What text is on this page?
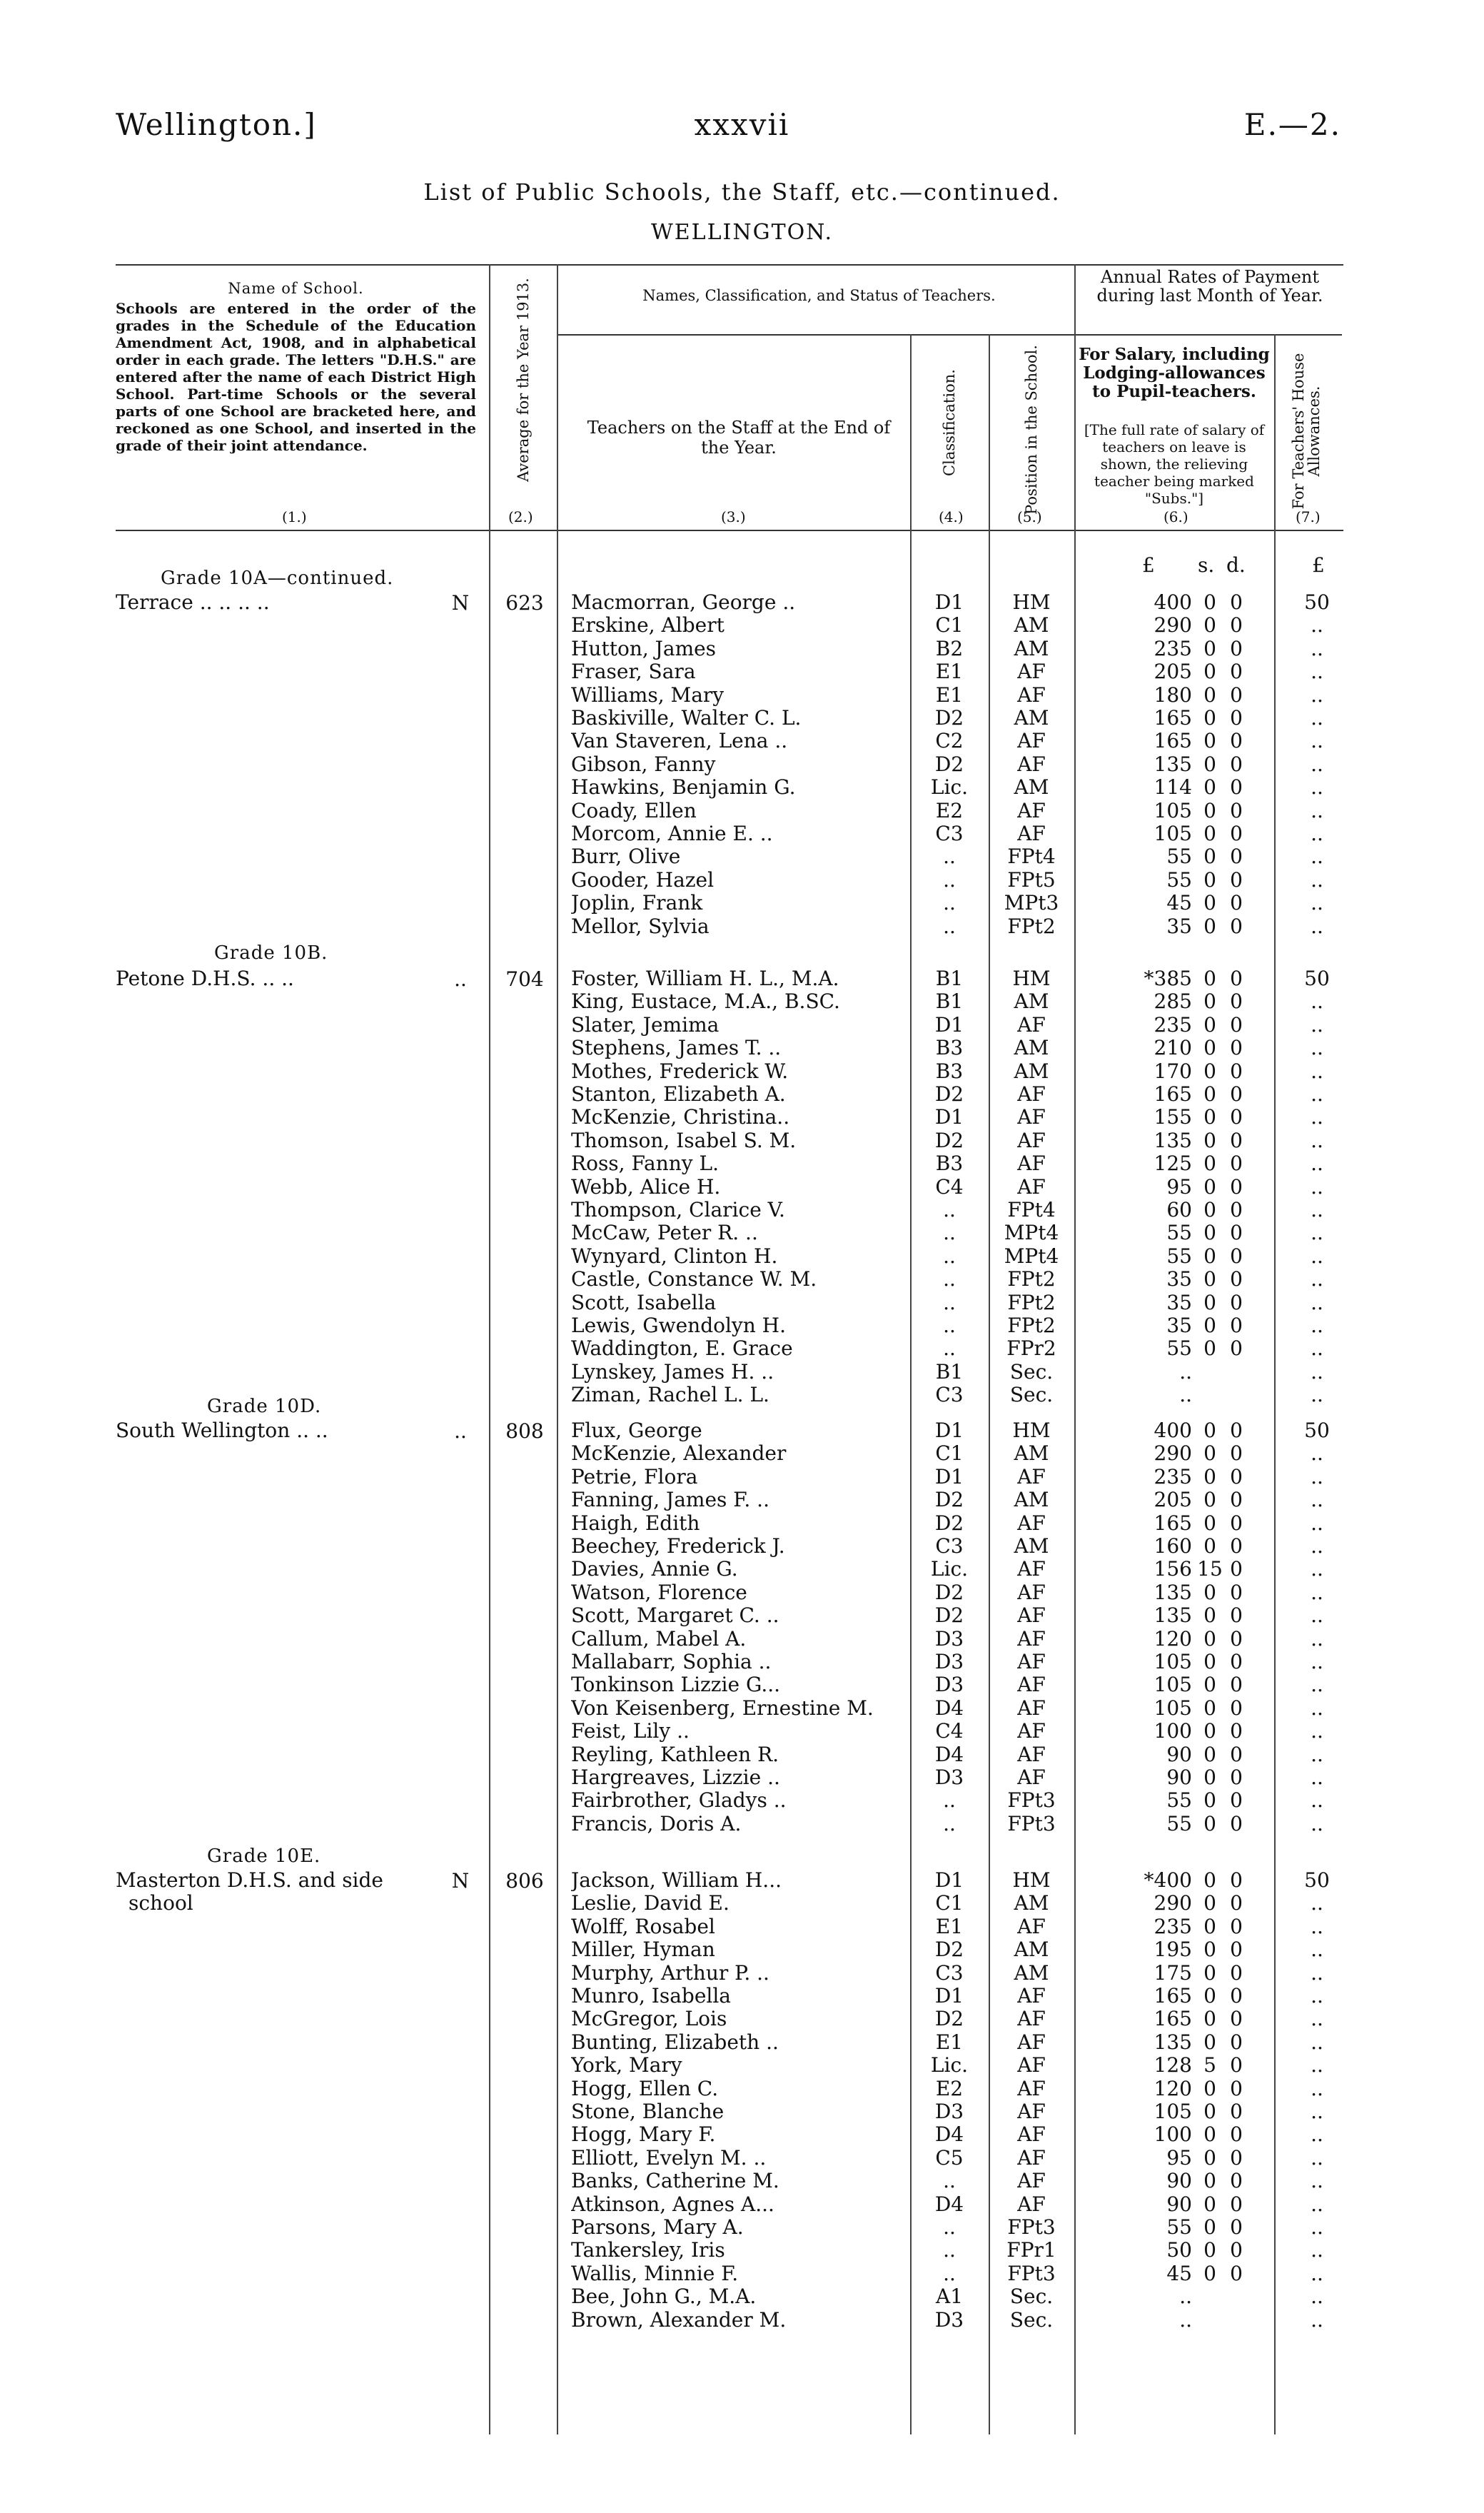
Wellington.]	xxxvii	E.—2.
List of Public Schools, the Staff, etc.—continued.
WELLINGTON.
Name of School.
Schools are entered in the order of the grades in the Schedule of the Education Amendment Act, 1908, and in alphabetical order in each grade. The letters "D.H.S." are entered after the name of each District High School. Part-time Schools or the several parts of one School are bracketed here, and reckoned as one School, and inserted in the grade of their joint attendance.
(1.)
Average for the Year 1913.
(2.)
Names, Classification, and Status of Teachers.
Teachers on the Staff at the End of the Year.
(3.)
Classification.
(4.)
Position in the School.
(5.)
Annual Rates of Payment during last Month of Year.
For Salary, including Lodging-allowances to Pupil-teachers.
[The full rate of salary of teachers on leave is shown, the relieving teacher being marked "Subs."]
(6.)
For Teachers' House Allowances.
(7.)
£ s. d.	£
Grade 10A—continued.
Terrace .. .. .. ..	N	623	Macmorran, George ..	D1	HM	400 0 0	50
Erskine, Albert	C1	AM	290 0 0	..
Hutton, James	B2	AM	235 0 0	..
Fraser, Sara	E1	AF	205 0 0	..
Williams, Mary	E1	AF	180 0 0	..
Baskiville, Walter C. L.	D2	AM	165 0 0	..
Van Staveren, Lena ..	C2	AF	165 0 0	..
Gibson, Fanny	D2	AF	135 0 0	..
Hawkins, Benjamin G.	Lic.	AM	114 0 0	..
Coady, Ellen	E2	AF	105 0 0	..
Morcom, Annie E. ..	C3	AF	105 0 0	..
Burr, Olive	..	FPt4	55 0 0	..
Gooder, Hazel	..	FPt5	55 0 0	..
Joplin, Frank	..	MPt3	45 0 0	..
Mellor, Sylvia	..	FPt2	35 0 0	..
Grade 10B.
Petone D.H.S. .. ..	..	704	Foster, William H. L., M.A.	B1	HM	*385 0 0	50
King, Eustace, M.A., B.SC.	B1	AM	285 0 0	..
Slater, Jemima	D1	AF	235 0 0	..
Stephens, James T. ..	B3	AM	210 0 0	..
Mothes, Frederick W.	B3	AM	170 0 0	..
Stanton, Elizabeth A.	D2	AF	165 0 0	..
McKenzie, Christina..	D1	AF	155 0 0	..
Thomson, Isabel S. M.	D2	AF	135 0 0	..
Ross, Fanny L.	B3	AF	125 0 0	..
Webb, Alice H.	C4	AF	95 0 0	..
Thompson, Clarice V.	..	FPt4	60 0 0	..
McCaw, Peter R. ..	..	MPt4	55 0 0	..
Wynyard, Clinton H.	..	MPt4	55 0 0	..
Castle, Constance W. M.	..	FPt2	35 0 0	..
Scott, Isabella	..	FPt2	35 0 0	..
Lewis, Gwendolyn H.	..	FPt2	35 0 0	..
Waddington, E. Grace	..	FPr2	55 0 0	..
Lynskey, James H. ..	B1	Sec.	..	..
Ziman, Rachel L. L.	C3	Sec.	..	..
Grade 10D.
South Wellington .. ..	..	808	Flux, George	D1	HM	400 0 0	50
McKenzie, Alexander	C1	AM	290 0 0	..
Petrie, Flora	D1	AF	235 0 0	..
Fanning, James F. ..	D2	AM	205 0 0	..
Haigh, Edith	D2	AF	165 0 0	..
Beechey, Frederick J.	C3	AM	160 0 0	..
Davies, Annie G.	Lic.	AF	156 15 0	..
Watson, Florence	D2	AF	135 0 0	..
Scott, Margaret C. ..	D2	AF	135 0 0	..
Callum, Mabel A.	D3	AF	120 0 0	..
Mallabarr, Sophia ..	D3	AF	105 0 0	..
Tonkinson Lizzie G...	D3	AF	105 0 0	..
Von Keisenberg, Ernestine M.	D4	AF	105 0 0	..
Feist, Lily ..	C4	AF	100 0 0	..
Reyling, Kathleen R.	D4	AF	90 0 0	..
Hargreaves, Lizzie ..	D3	AF	90 0 0	..
Fairbrother, Gladys ..	..	FPt3	55 0 0	..
Francis, Doris A.	..	FPt3	55 0 0	..
Grade 10E.
Masterton D.H.S. and side
school
N	806	Jackson, William H...	D1	HM	*400 0 0	50
Leslie, David E.	C1	AM	290 0 0	..
Wolff, Rosabel	E1	AF	235 0 0	..
Miller, Hyman	D2	AM	195 0 0	..
Murphy, Arthur P. ..	C3	AM	175 0 0	..
Munro, Isabella	D1	AF	165 0 0	..
McGregor, Lois	D2	AF	165 0 0	..
Bunting, Elizabeth ..	E1	AF	135 0 0	..
York, Mary	Lic.	AF	128 5 0	..
Hogg, Ellen C.	E2	AF	120 0 0	..
Stone, Blanche	D3	AF	105 0 0	..
Hogg, Mary F.	D4	AF	100 0 0	..
Elliott, Evelyn M. ..	C5	AF	95 0 0	..
Banks, Catherine M.	..	AF	90 0 0	..
Atkinson, Agnes A...	D4	AF	90 0 0	..
Parsons, Mary A.	..	FPt3	55 0 0	..
Tankersley, Iris	..	FPr1	50 0 0	..
Wallis, Minnie F.	..	FPt3	45 0 0	..
Bee, John G., M.A.	A1	Sec.	..	..
Brown, Alexander M.	D3	Sec.	..	..
